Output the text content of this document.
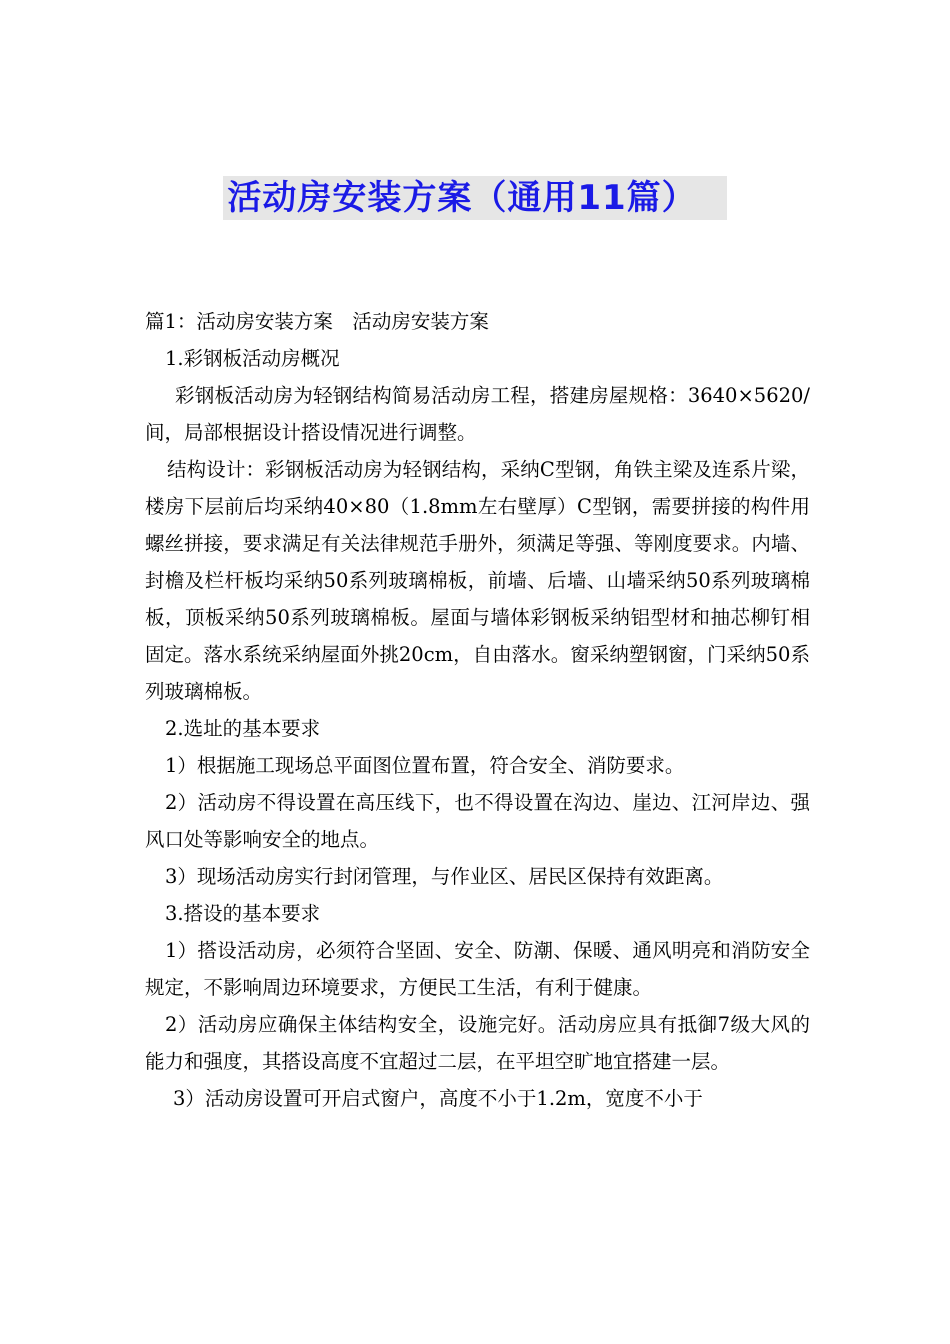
活动房安装方案（通用11篇）

篇1：活动房安装方案　活动房安装方案

1.彩钢板活动房概况

彩钢板活动房为轻钢结构简易活动房工程，搭建房屋规格：3640×5620/间，局部根据设计搭设情况进行调整。

结构设计：彩钢板活动房为轻钢结构，采纳C型钢，角铁主梁及连系片梁，楼房下层前后均采纳40×80（1.8mm左右壁厚）C型钢，需要拼接的构件用螺丝拼接，要求满足有关法律规范手册外，须满足等强、等刚度要求。内墙、封檐及栏杆板均采纳50系列玻璃棉板，前墙、后墙、山墙采纳50系列玻璃棉板，顶板采纳50系列玻璃棉板。屋面与墙体彩钢板采纳铝型材和抽芯柳钉相固定。落水系统采纳屋面外挑20cm，自由落水。窗采纳塑钢窗，门采纳50系列玻璃棉板。

2.选址的基本要求

1）根据施工现场总平面图位置布置，符合安全、消防要求。

2）活动房不得设置在高压线下，也不得设置在沟边、崖边、江河岸边、强风口处等影响安全的地点。

3）现场活动房实行封闭管理，与作业区、居民区保持有效距离。

3.搭设的基本要求

1）搭设活动房，必须符合坚固、安全、防潮、保暖、通风明亮和消防安全规定，不影响周边环境要求，方便民工生活，有利于健康。

2）活动房应确保主体结构安全，设施完好。活动房应具有抵御7级大风的能力和强度，其搭设高度不宜超过二层，在平坦空旷地宜搭建一层。

3）活动房设置可开启式窗户，高度不小于1.2m，宽度不小于
